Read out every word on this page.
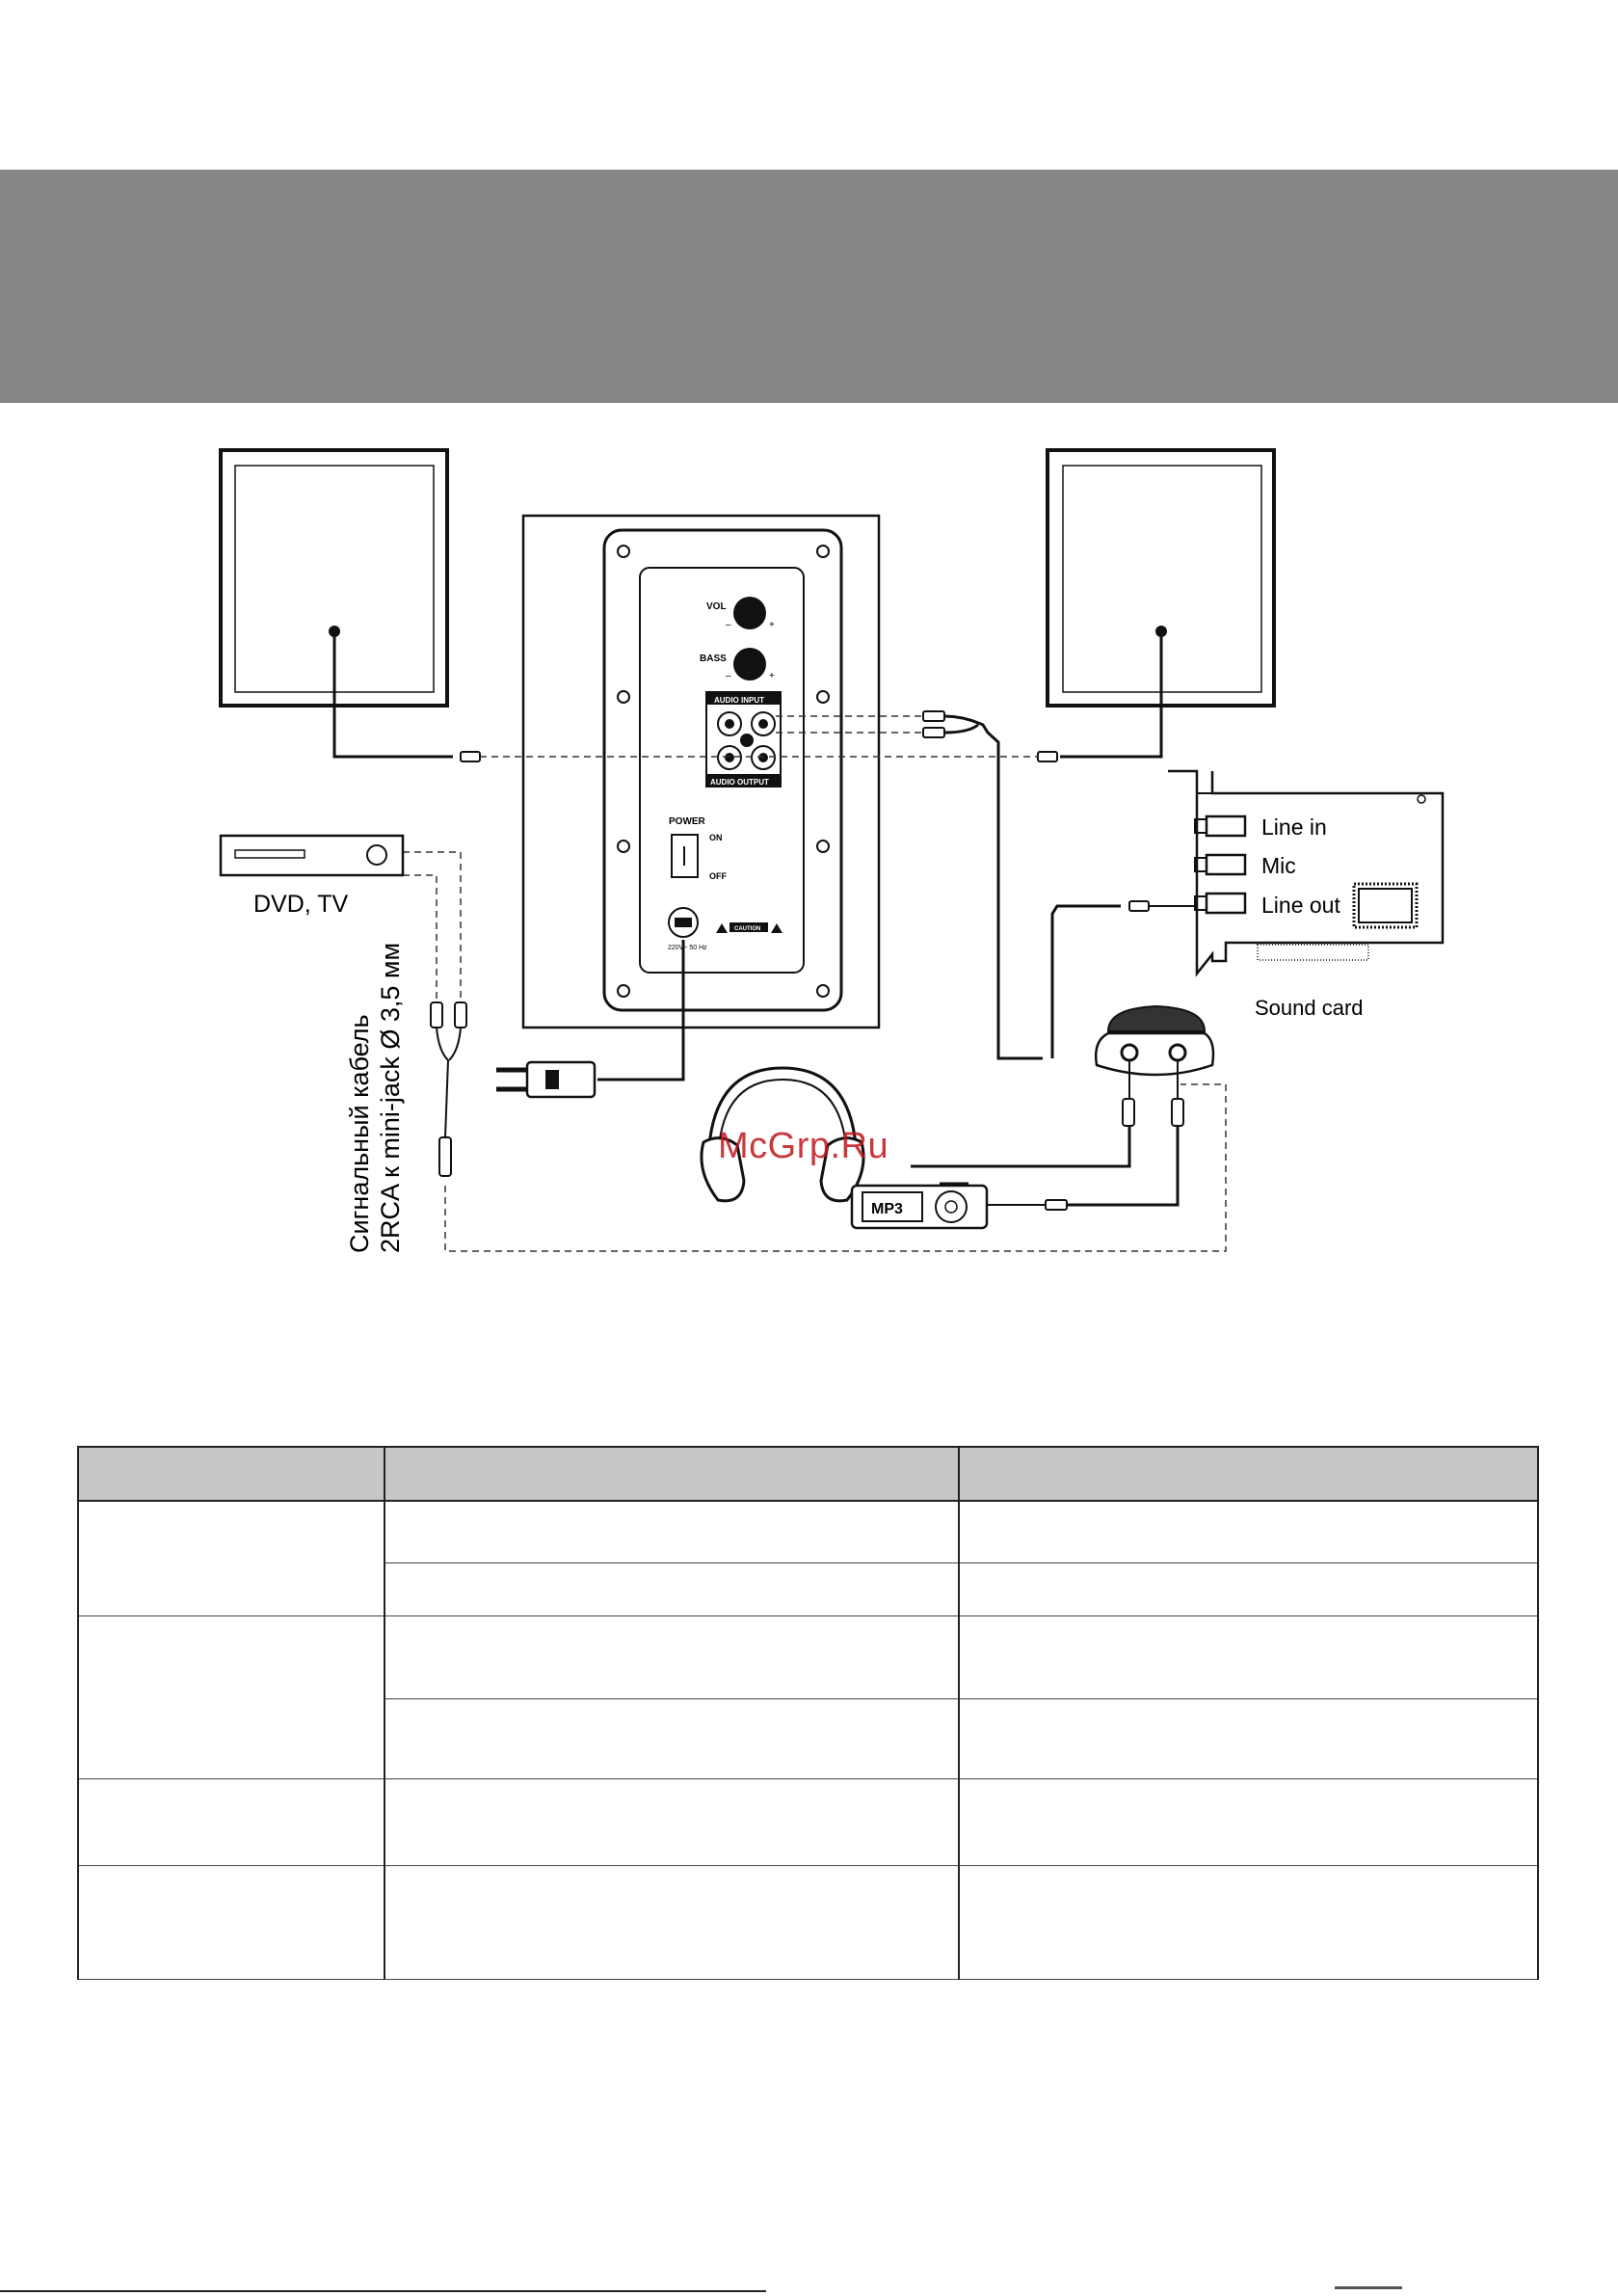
VOL
–	+
BASS
–	+
AUDIO INPUT
AUDIO OUTPUT
POWER
ON
OFF
220V~ 50 Hz
CAUTION
DVD, TV
Сигнальный кабель 2RCA к mini-jack Ø 3,5 мм
Line in
Mic
Line out
Sound card
MP3
McGrp.Ru
